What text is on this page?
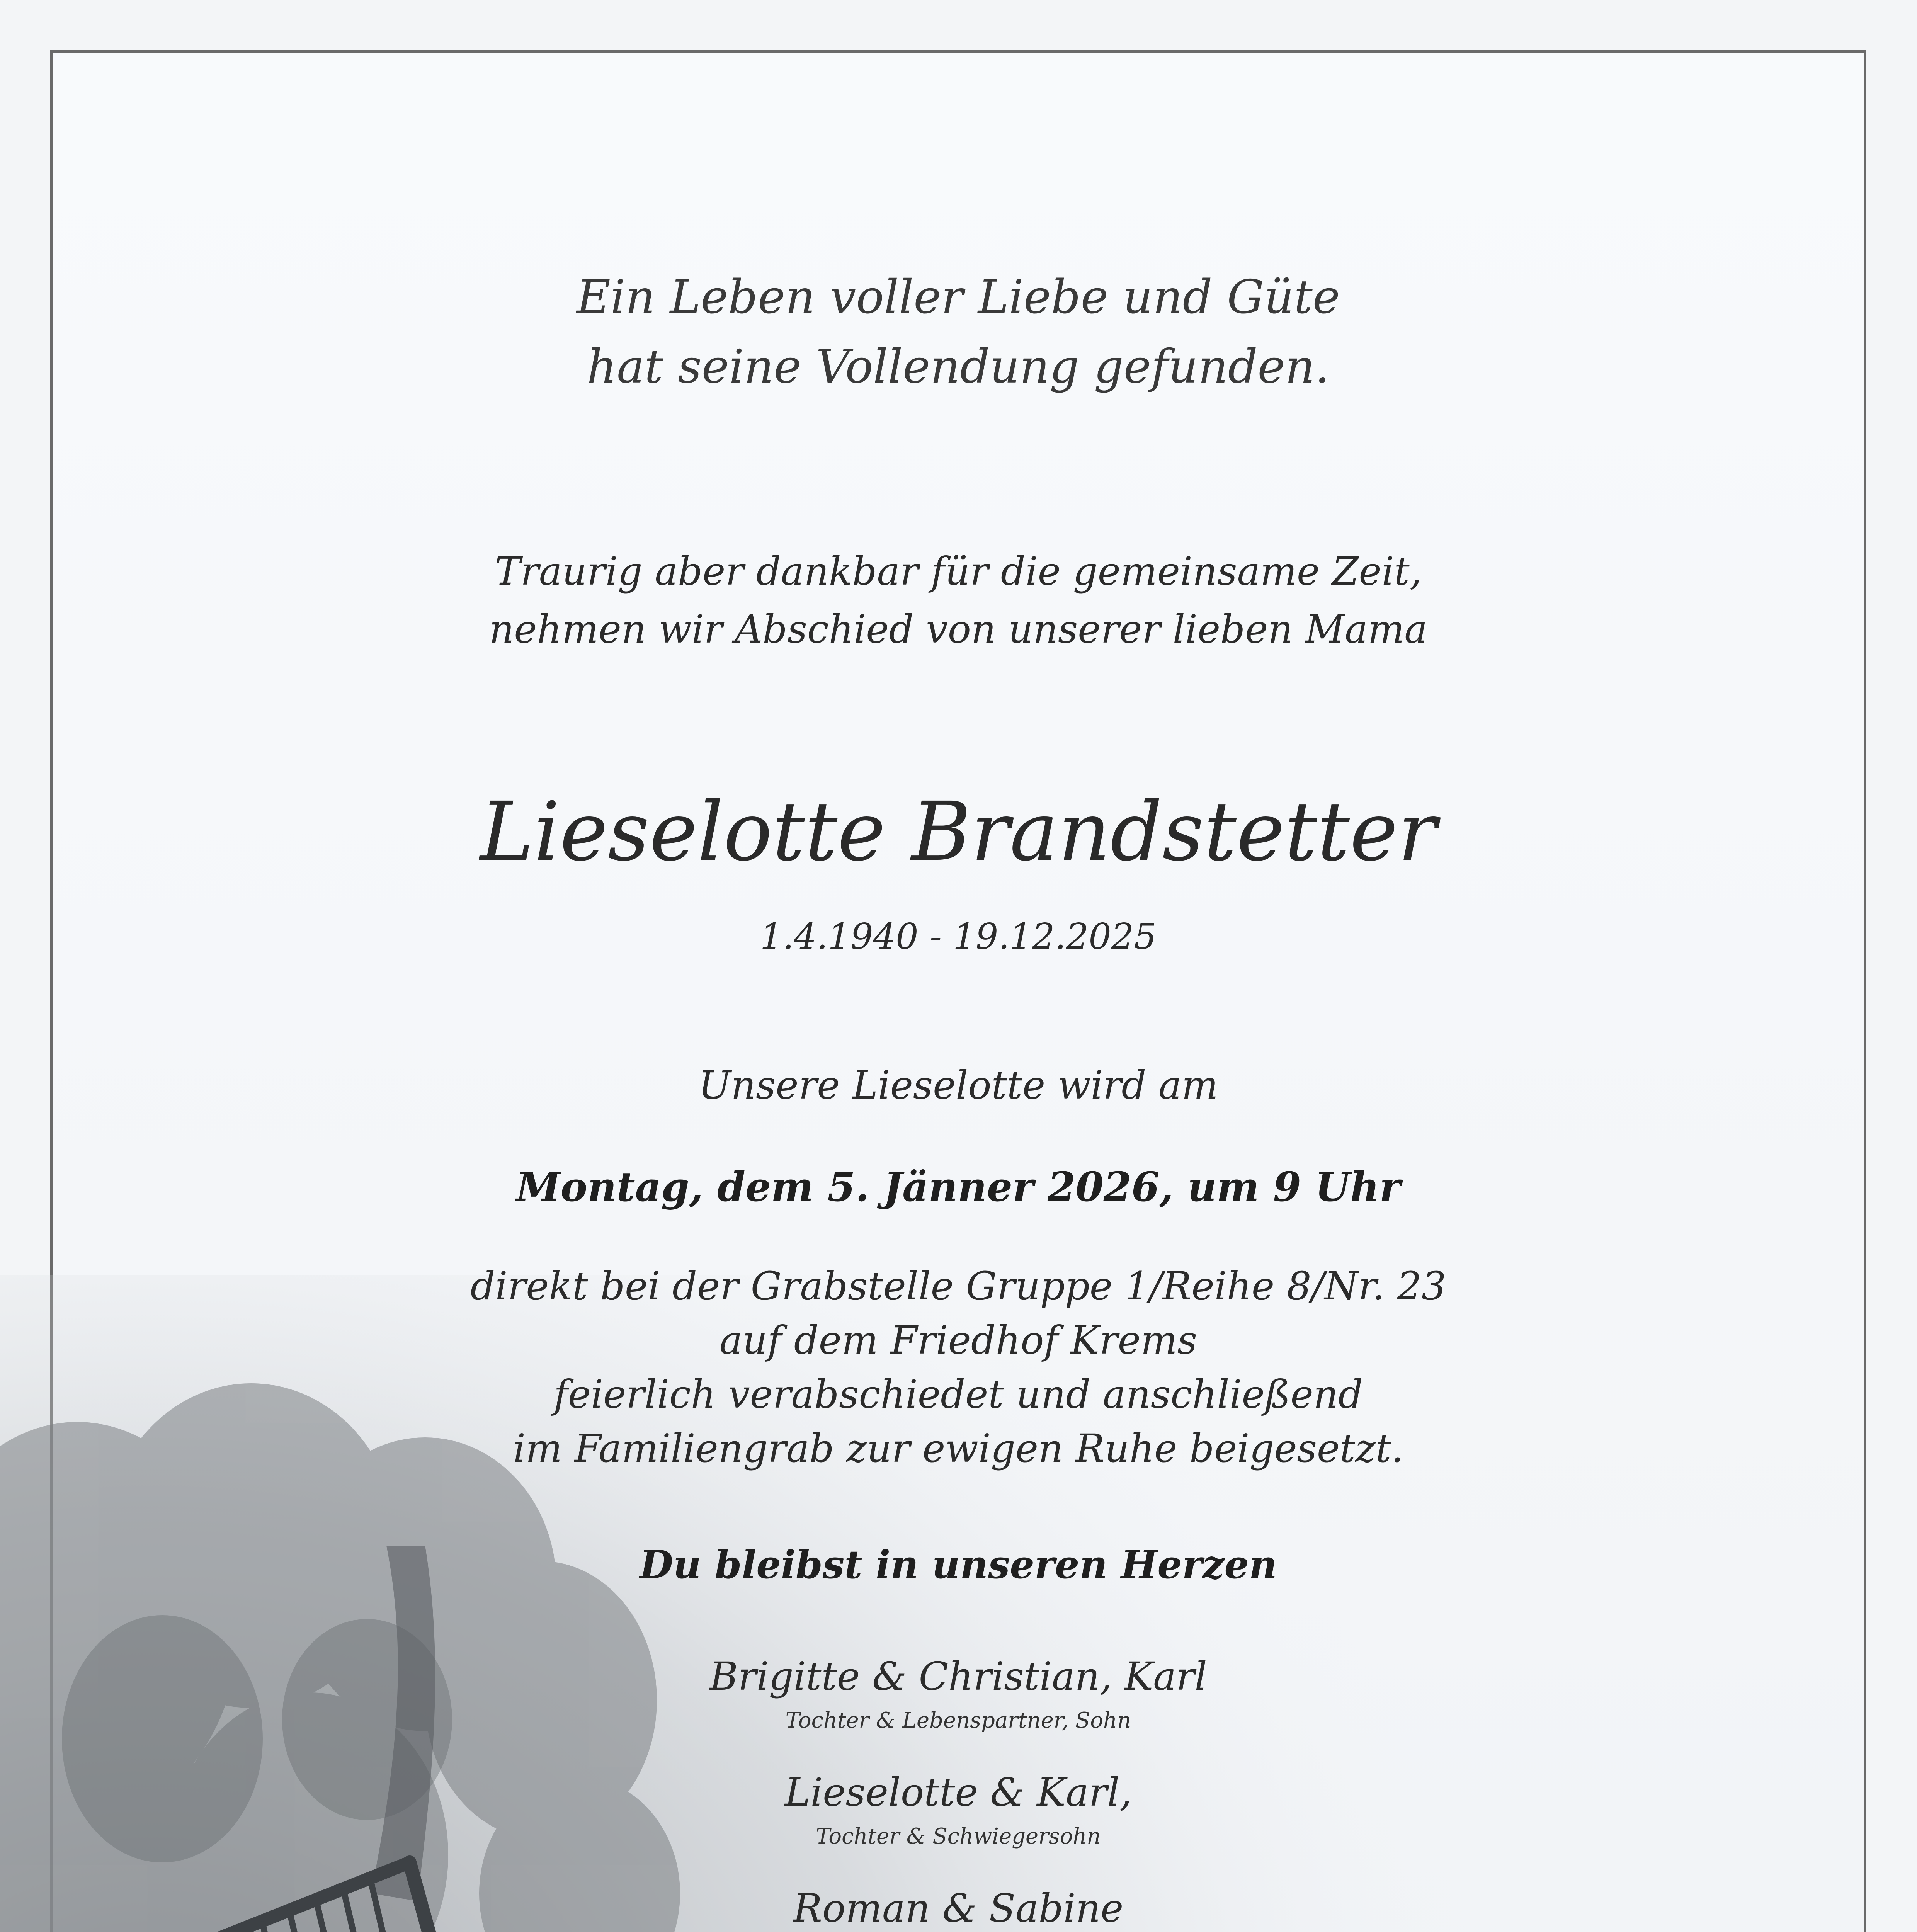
Ein Leben voller Liebe und Güte
hat seine Vollendung gefunden.
Traurig aber dankbar für die gemeinsame Zeit,
nehmen wir Abschied von unserer lieben Mama
Lieselotte Brandstetter
1.4.1940 - 19.12.2025
Unsere Lieselotte wird am
Montag, dem 5. Jänner 2026, um 9 Uhr
direkt bei der Grabstelle Gruppe 1/Reihe 8/Nr. 23
auf dem Friedhof Krems
feierlich verabschiedet und anschließend
im Familiengrab zur ewigen Ruhe beigesetzt.
Du bleibst in unseren Herzen
Brigitte & Christian, Karl
Tochter & Lebenspartner, Sohn
Lieselotte & Karl,
Tochter & Schwiegersohn
Roman & Sabine
